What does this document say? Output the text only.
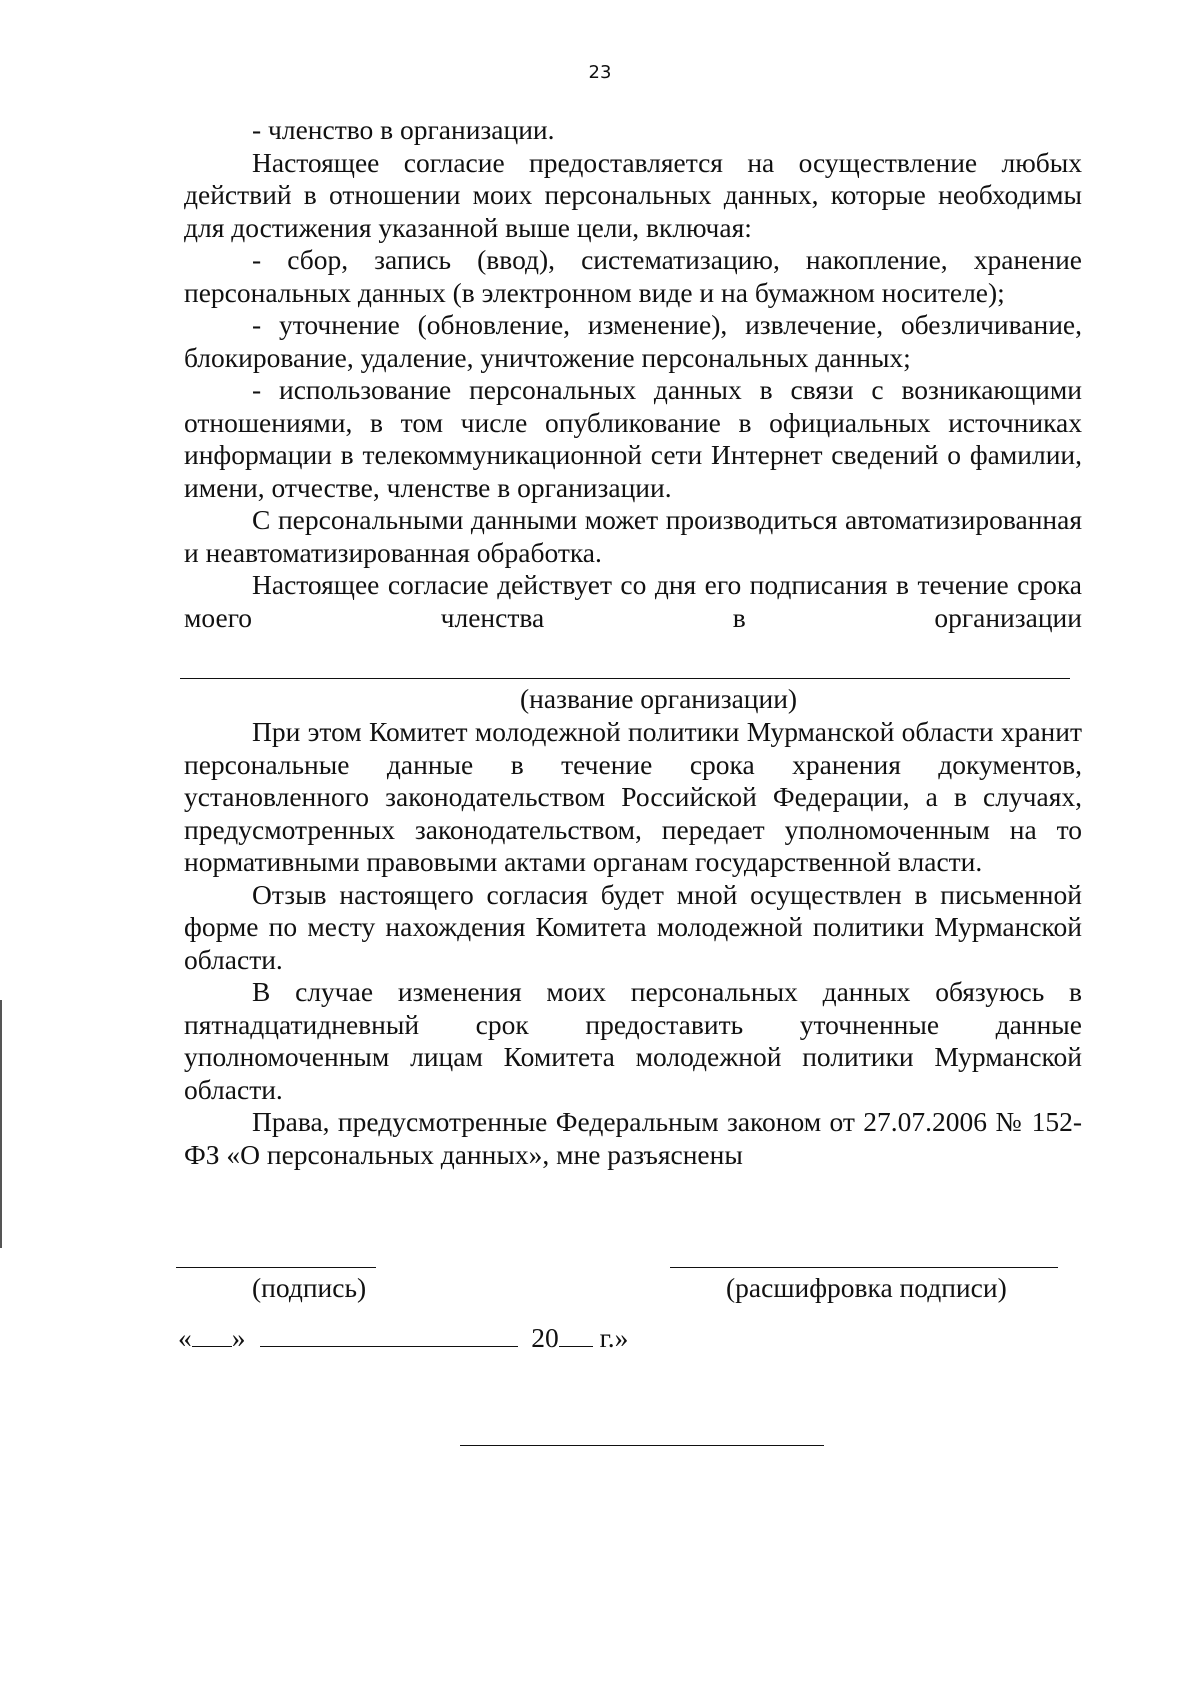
23

- членство в организации.

Настоящее согласие предоставляется на осуществление любых действий в отношении моих персональных данных, которые необходимы для достижения указанной выше цели, включая:

- сбор, запись (ввод), систематизацию, накопление, хранение персональных данных (в электронном виде и на бумажном носителе);

- уточнение (обновление, изменение), извлечение, обезличивание, блокирование, удаление, уничтожение персональных данных;

- использование персональных данных в связи с возникающими отношениями, в том числе опубликование в официальных источниках информации в телекоммуникационной сети Интернет сведений о фамилии, имени, отчестве, членстве в организации.

С персональными данными может производиться автоматизированная и неавтоматизированная обработка.

Настоящее согласие действует со дня его подписания в течение срока моего членства в организации

(название организации)

При этом Комитет молодежной политики Мурманской области хранит персональные данные в течение срока хранения документов, установленного законодательством Российской Федерации, а в случаях, предусмотренных законодательством, передает уполномоченным на то нормативными правовыми актами органам государственной власти.

Отзыв настоящего согласия будет мной осуществлен в письменной форме по месту нахождения Комитета молодежной политики Мурманской области.

В случае изменения моих персональных данных обязуюсь в пятнадцатидневный срок предоставить уточненные данные уполномоченным лицам Комитета молодежной политики Мурманской области.

Права, предусмотренные Федеральным законом от 27.07.2006 № 152-ФЗ «О персональных данных», мне разъяснены

(подпись)	(расшифровка подписи)
« »	20 г.»
